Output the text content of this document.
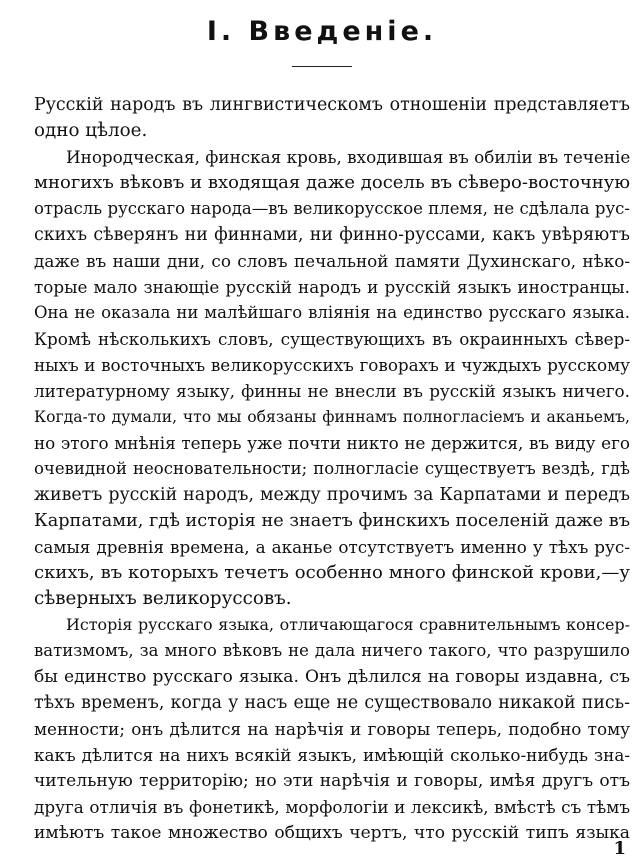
I. Введеніе.
Русскій народъ въ лингвистическомъ отношеніи представляетъ
одно цѣлое.
Инородческая, финская кровь, входившая въ обиліи въ теченіе
многихъ вѣковъ и входящая даже досель въ сѣверо-восточную
отрасль русскаго народа—въ великорусское племя, не сдѣлала рус-
скихъ сѣверянъ ни финнами, ни финно-руссами, какъ увѣряютъ
даже въ наши дни, со словъ печальной памяти Духинскаго, нѣко-
торые мало знающіе русскій народъ и русскій языкъ иностранцы.
Она не оказала ни малѣйшаго вліянія на единство русскаго языка.
Кромѣ нѣсколькихъ словъ, существующихъ въ окраинныхъ сѣвер-
ныхъ и восточныхъ великорусскихъ говорахъ и чуждыхъ русскому
литературному языку, финны не внесли въ русскій языкъ ничего.
Когда-то думали, что мы обязаны финнамъ полногласіемъ и аканьемъ,
но этого мнѣнія теперь уже почти никто не держится, въ виду его
очевидной неосновательности; полногласіе существуетъ вездѣ, гдѣ
живетъ русскій народъ, между прочимъ за Карпатами и передъ
Карпатами, гдѣ исторія не знаетъ финскихъ поселеній даже въ
самыя древнія времена, а аканье отсутствуетъ именно у тѣхъ рус-
скихъ, въ которыхъ течетъ особенно много финской крови,—у
сѣверныхъ великоруссовъ.
Исторія русскаго языка, отличающагося сравнительнымъ консер-
ватизмомъ, за много вѣковъ не дала ничего такого, что разрушило
бы единство русскаго языка. Онъ дѣлился на говоры издавна, съ
тѣхъ временъ, когда у насъ еще не существовало никакой пись-
менности; онъ дѣлится на нарѣчія и говоры теперь, подобно тому
какъ дѣлится на нихъ всякій языкъ, имѣющій сколько-нибудь зна-
чительную территорію; но эти нарѣчія и говоры, имѣя другъ отъ
друга отличія въ фонетикѣ, морфологіи и лексикѣ, вмѣстѣ съ тѣмъ
имѣютъ такое множество общихъ чертъ, что русскій типъ языка
1
